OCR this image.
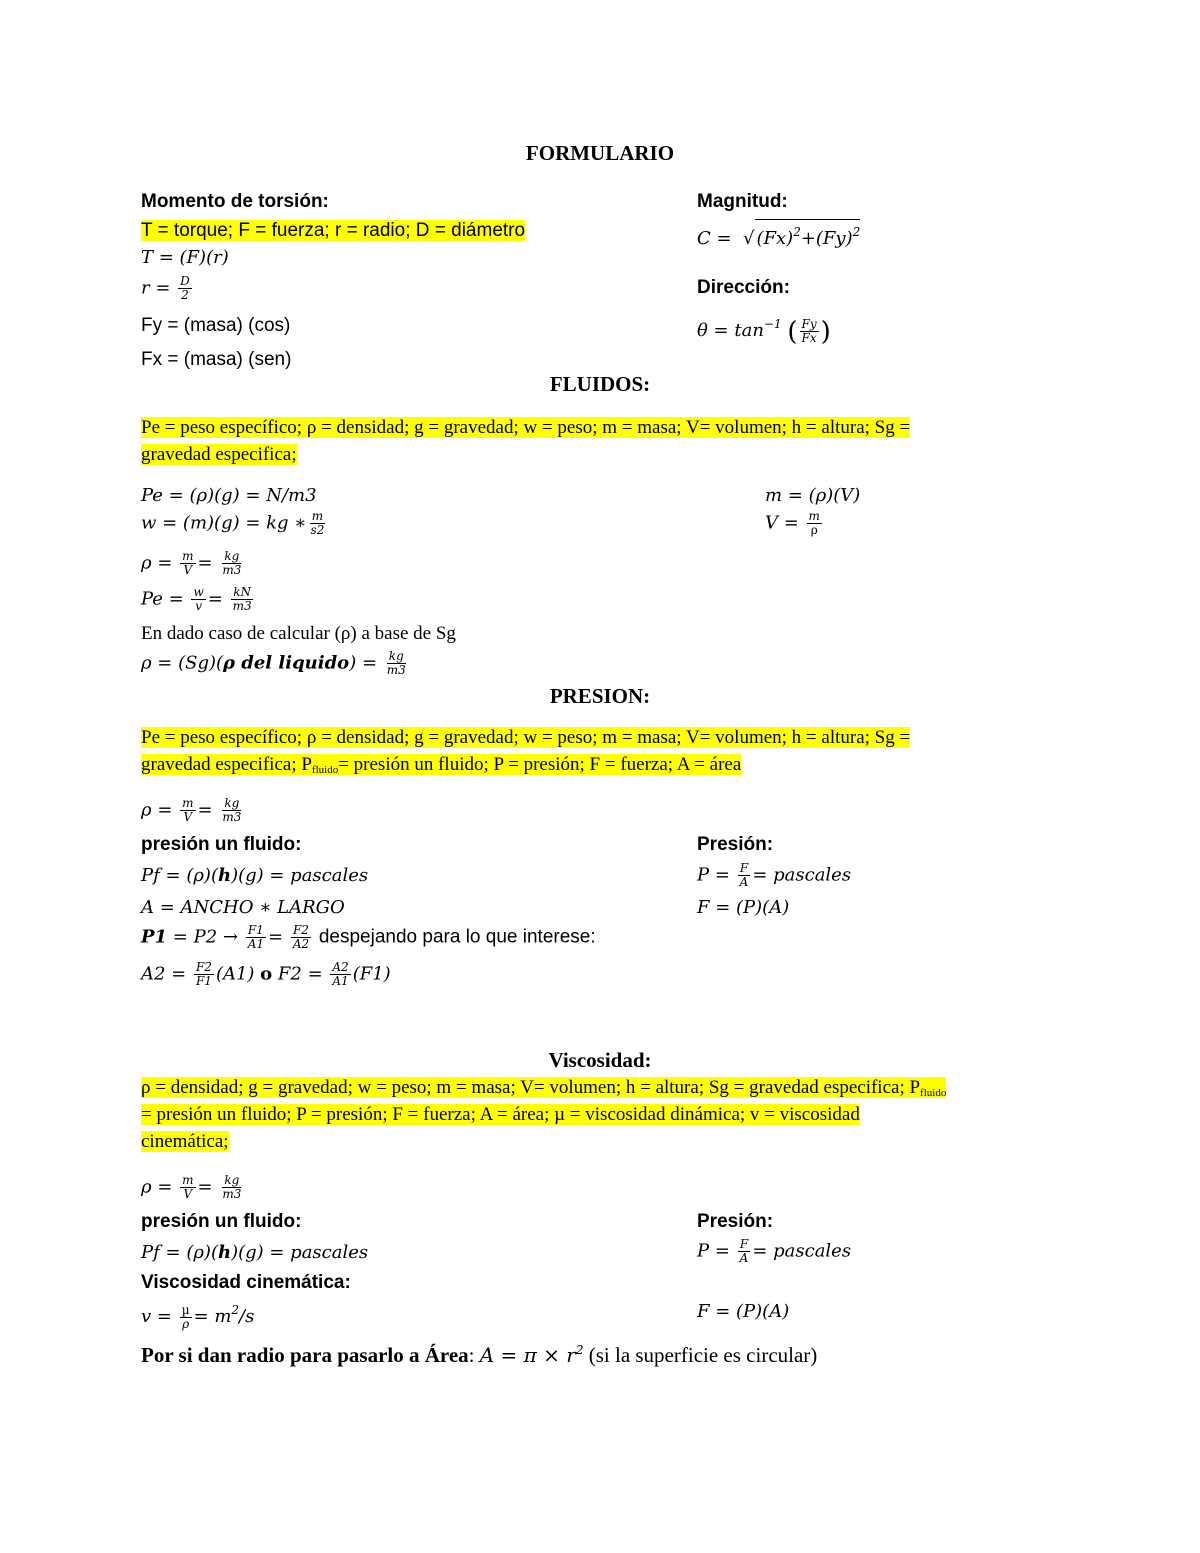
FORMULARIO
Momento de torsión:
T = torque; F = fuerza; r = radio; D = diámetro
T = (F)(r)
$r = \frac{D}{2}$
Fy = (masa) (cos)
Fx = (masa) (sen)
Magnitud:
C =  √ $(Fx)^2+(Fy)^2$
Dirección:
$\theta = \tan^{-1}$ ( $\frac{Fy}{Fx}$ )
FLUIDOS:
Pe = peso específico; ρ = densidad; g = gravedad; w = peso; m = masa; V= volumen; h = altura; Sg =
gravedad especifica;
Pe = (ρ)(g) = N/m3
w = (m)(g) = kg ∗ $\frac{m}{s2}$
$\rho = \frac{m}{V} = \frac{kg}{m3}$
$Pe = \frac{w}{v} = \frac{kN}{m3}$
En dado caso de calcular (ρ) a base de Sg
ρ = (Sg)(ρ del liquido) = $\frac{kg}{m3}$
m = (ρ)(V)
$V = \frac{m}{\rho}$
PRESION:
Pe = peso específico; ρ = densidad; g = gravedad; w = peso; m = masa; V= volumen; h = altura; Sg =
gravedad especifica; $P_{fluido}=$ presión un fluido; P = presión; F = fuerza; A = área
$\rho = \frac{m}{V} = \frac{kg}{m3}$
presión un fluido:
Pf = (ρ)(h)(g) = pascales
A = ANCHO ∗ LARGO
$P1 = P2 \to \frac{F1}{A1} = \frac{F2}{A2}$ despejando para lo que interese:
$A2 = \frac{F2}{F1} (A1)$ o $F2 = \frac{A2}{A1} (F1)$
Presión:
$P = \frac{F}{A}$ = pascales
F = (P)(A)
Viscosidad:
ρ = densidad; g = gravedad; w = peso; m = masa; V= volumen; h = altura; Sg = gravedad especifica; $P_{fluido}$
= presión un fluido; P = presión; F = fuerza; A = área; µ = viscosidad dinámica; v = viscosidad
cinemática;
$\rho = \frac{m}{V} = \frac{kg}{m3}$
presión un fluido:
Pf = (ρ)(h)(g) = pascales
Viscosidad cinemática:
$v = \frac{\text{µ}}{\rho} = m^2/s$
Presión:
$P = \frac{F}{A}$ = pascales
F = (P)(A)
Por si dan radio para pasarlo a Área: $A = \pi \times r^2$ (si la superficie es circular)
